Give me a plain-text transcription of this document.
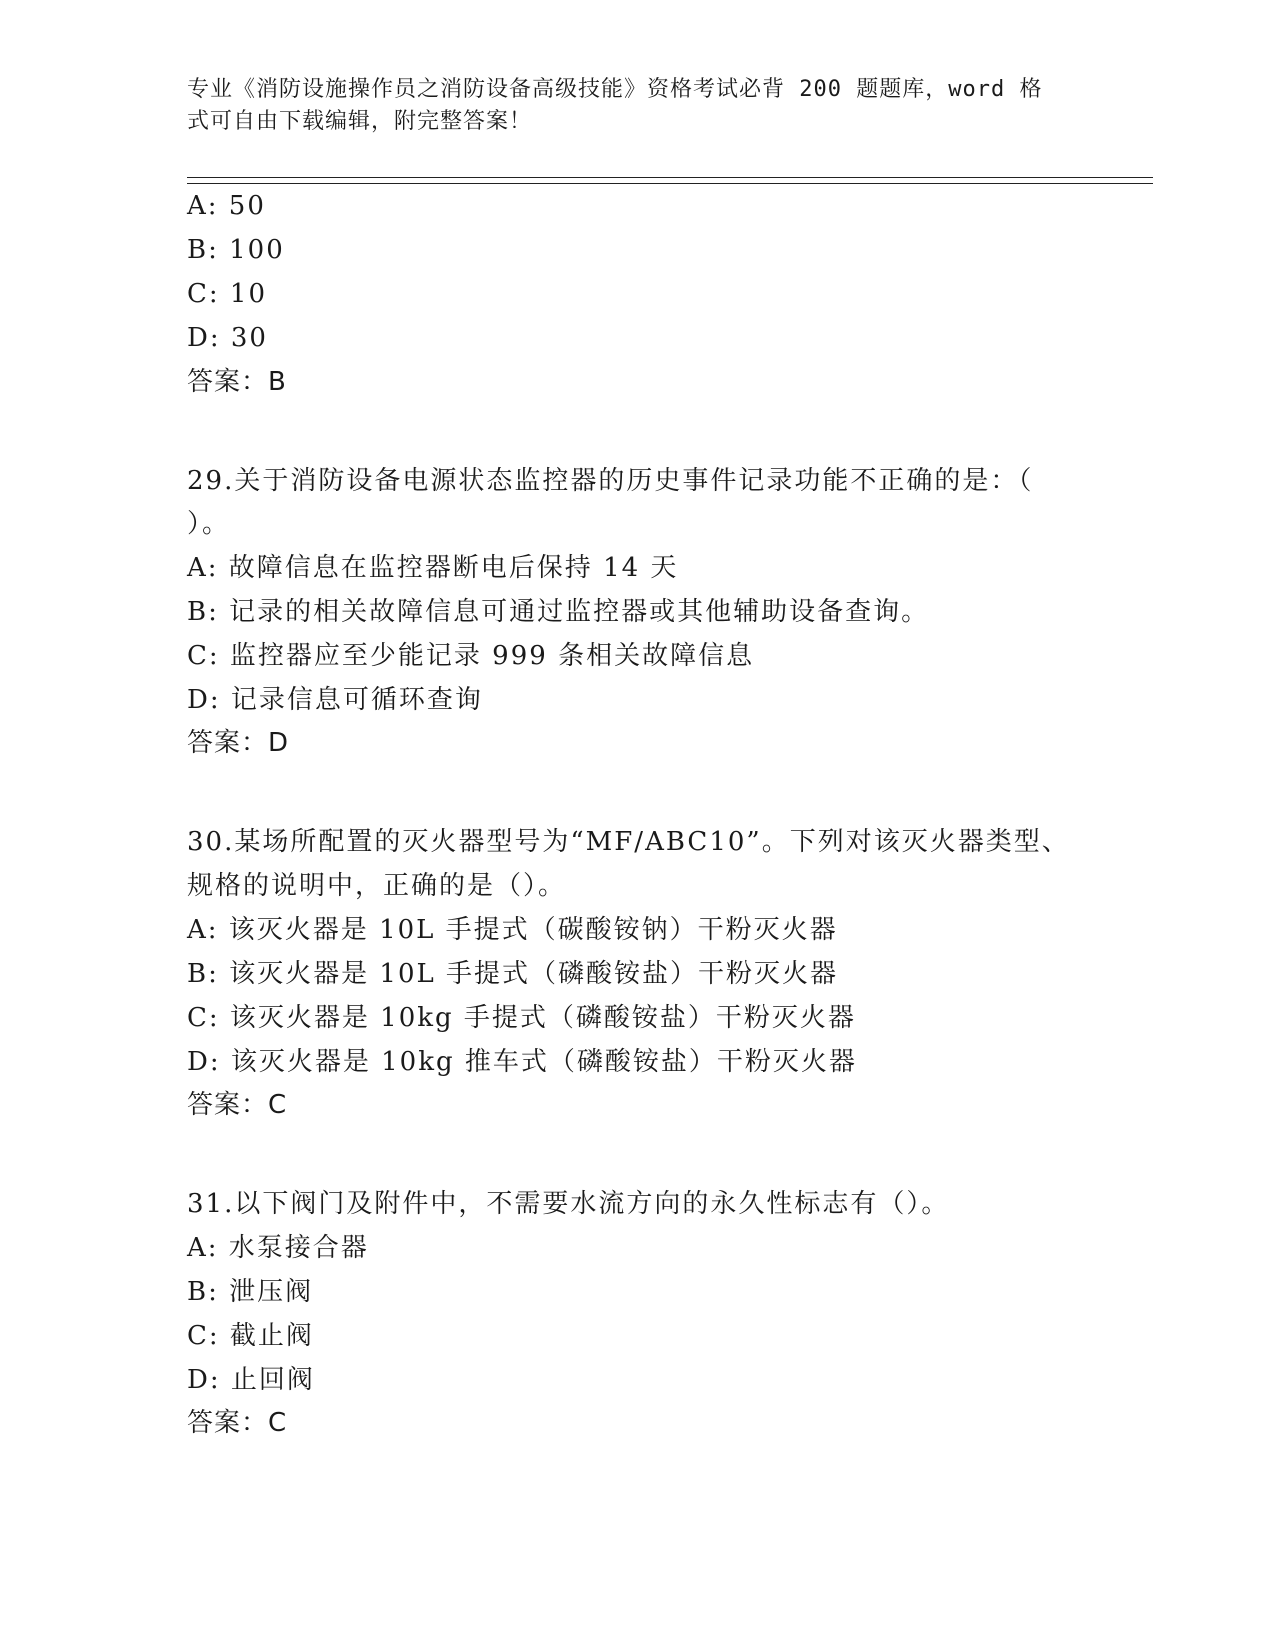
专业《消防设施操作员之消防设备高级技能》资格考试必背 200 题题库，word 格
式可自由下载编辑，附完整答案！
A: 50
B: 100
C: 10
D: 30
答案：B
29.关于消防设备电源状态监控器的历史事件记录功能不正确的是：（
）。
A: 故障信息在监控器断电后保持 14 天
B: 记录的相关故障信息可通过监控器或其他辅助设备查询。
C: 监控器应至少能记录 999 条相关故障信息
D: 记录信息可循环查询
答案：D
30.某场所配置的灭火器型号为“MF/ABC10”。下列对该灭火器类型、
规格的说明中，正确的是（）。
A: 该灭火器是 10L 手提式（碳酸铵钠）干粉灭火器
B: 该灭火器是 10L 手提式（磷酸铵盐）干粉灭火器
C: 该灭火器是 10kg 手提式（磷酸铵盐）干粉灭火器
D: 该灭火器是 10kg 推车式（磷酸铵盐）干粉灭火器
答案：C
31.以下阀门及附件中，不需要水流方向的永久性标志有（）。
A: 水泵接合器
B: 泄压阀
C: 截止阀
D: 止回阀
答案：C
